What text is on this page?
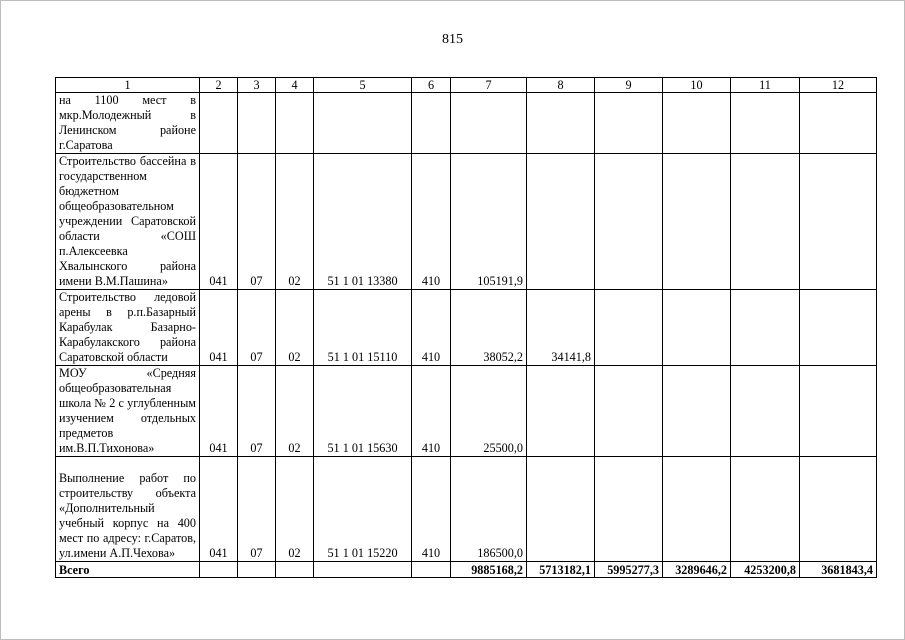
815
1	2	3	4	5	6	7	8	9	10	11	12
на 1100 мест в мкр.Молодежный в Ленинском районе г.Саратова											
Строительство бассейна в государственном бюджетном общеобразовательном учреждении Саратовской области «СОШ п.Алексеевка Хвалынского района имени В.М.Пашина»	041	07	02	51 1 01 13380	410	105191,9					
Строительство ледовой арены в р.п.Базарный Карабулак Базарно-Карабулакского района Саратовской области	041	07	02	51 1 01 15110	410	38052,2	34141,8				
МОУ «Средняя общеобразовательная школа № 2 с углубленным изучением отдельных предметов им.В.П.Тихонова»	041	07	02	51 1 01 15630	410	25500,0					
Выполнение работ по строительству объекта «Дополнительный учебный корпус на 400 мест по адресу: г.Саратов, ул.имени А.П.Чехова»	041	07	02	51 1 01 15220	410	186500,0					
Всего						9885168,2	5713182,1	5995277,3	3289646,2	4253200,8	3681843,4
